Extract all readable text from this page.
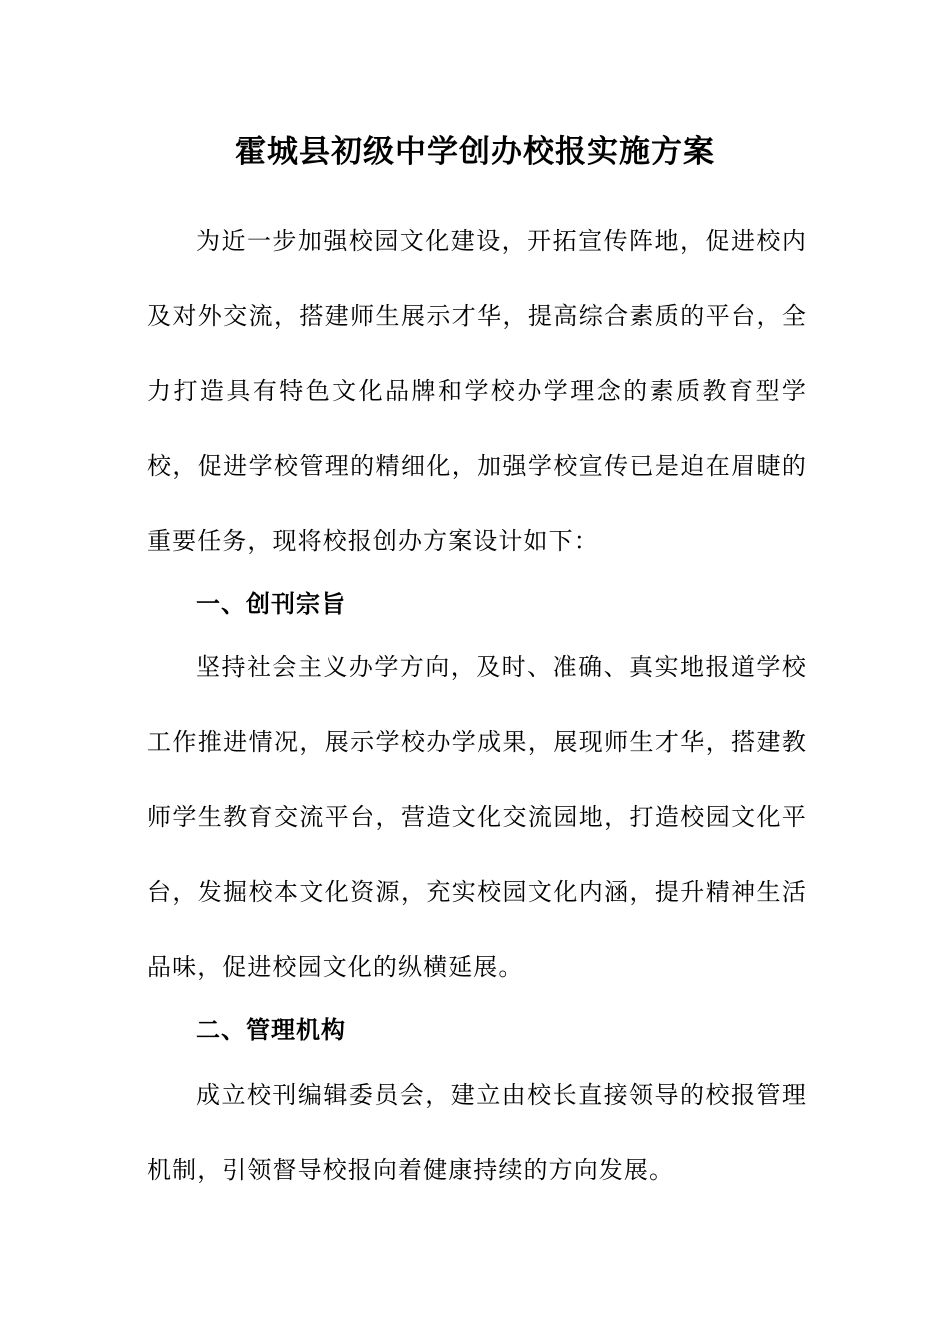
霍城县初级中学创办校报实施方案
为近一步加强校园文化建设，开拓宣传阵地，促进校内及对外交流，搭建师生展示才华，提高综合素质的平台，全力打造具有特色文化品牌和学校办学理念的素质教育型学校，促进学校管理的精细化，加强学校宣传已是迫在眉睫的重要任务，现将校报创办方案设计如下：
一、创刊宗旨
坚持社会主义办学方向，及时、准确、真实地报道学校工作推进情况，展示学校办学成果，展现师生才华，搭建教师学生教育交流平台，营造文化交流园地，打造校园文化平台，发掘校本文化资源，充实校园文化内涵，提升精神生活品味，促进校园文化的纵横延展。
二、管理机构
成立校刊编辑委员会，建立由校长直接领导的校报管理机制，引领督导校报向着健康持续的方向发展。
